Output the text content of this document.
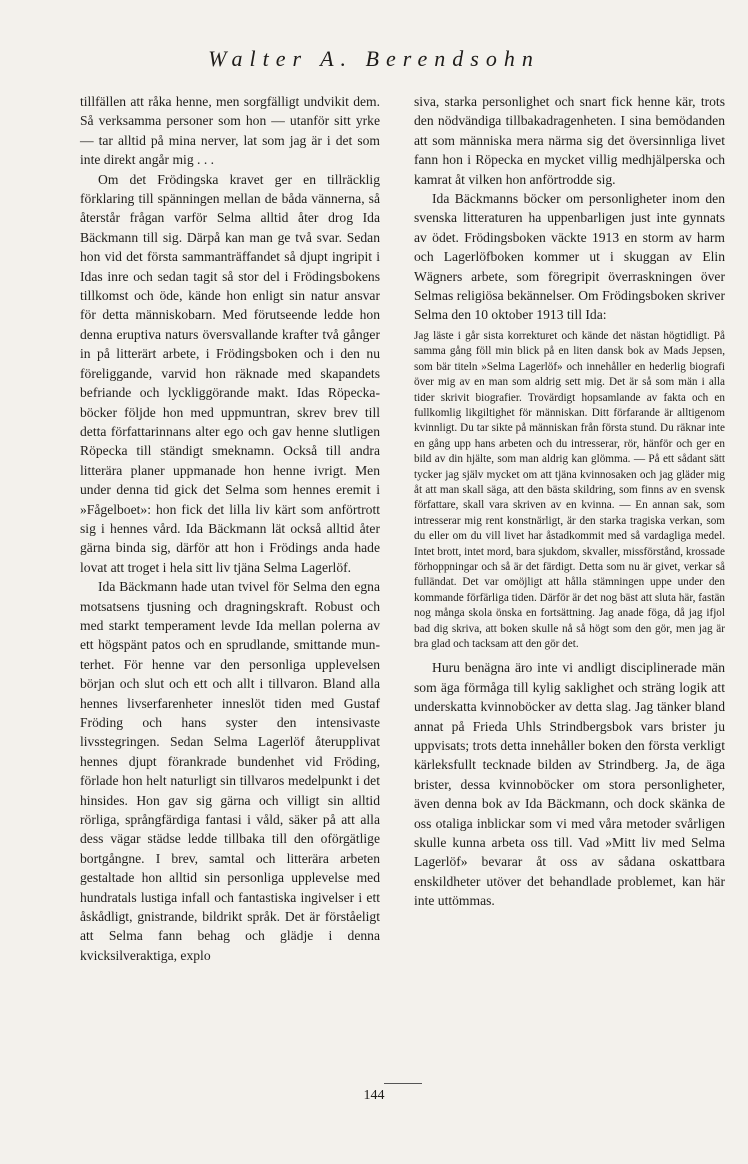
Walter A. Berendsohn

tillfällen att råka henne, men sorgfälligt undvikit dem. Så verksamma personer som hon — utanför sitt yrke — tar alltid på mina nerver, lat som jag är i det som inte direkt angår mig . . .

Om det Frödingska kravet ger en tillräcklig förklaring till spänningen mellan de båda vännerna, så återstår frågan varför Selma alltid åter drog Ida Bäckmann till sig. Därpå kan man ge två svar. Sedan hon vid det första sammanträffandet så djupt ingripit i Idas inre och sedan tagit så stor del i Frödingsbokens tillkomst och öde, kände hon enligt sin natur ansvar för detta människobarn. Med förutseende ledde hon denna eruptiva naturs översvallande krafter två gånger in på litterärt arbete, i Frödingsboken och i den nu föreliggande, varvid hon räknade med skapandets befriande och lyckliggörande makt. Idas Röpecka-böcker följde hon med uppmuntran, skrev brev till detta författarinnans alter ego och gav henne slutligen Röpecka till ständigt smeknamn. Också till andra litterära planer uppmanade hon henne ivrigt. Men under denna tid gick det Selma som hennes eremit i »Fågelboet»: hon fick det lilla liv kärt som anförtrott sig i hennes vård. Ida Bäckmann lät också alltid åter gärna binda sig, därför att hon i Frödings anda hade lovat att troget i hela sitt liv tjäna Selma Lagerlöf.

Ida Bäckmann hade utan tvivel för Selma den egna motsatsens tjusning och dragningskraft. Robust och med starkt temperament levde Ida mellan polerna av ett högspänt patos och en sprudlande, smittande munterhet. För henne var den personliga upplevelsen början och slut och ett och allt i tillvaron. Bland alla hennes livserfarenheter inneslöt tiden med Gustaf Fröding och hans syster den intensivaste livsstegringen. Sedan Selma Lagerlöf återupplivat hennes djupt förankrade bundenhet vid Fröding, förlade hon helt naturligt sin tillvaros medelpunkt i det hinsides. Hon gav sig gärna och villigt sin alltid rörliga, språngfärdiga fantasi i våld, säker på att alla dess vägar städse ledde tillbaka till den oförgätlige bortgångne. I brev, samtal och litterära arbeten gestaltade hon alltid sin personliga upplevelse med hundratals lustiga infall och fantastiska ingivelser i ett åskådligt, gnistrande, bildrikt språk. Det är förståeligt att Selma fann behag och glädje i denna kvicksilveraktiga, explo

siva, starka personlighet och snart fick henne kär, trots den nödvändiga tillbakadragenheten. I sina bemödanden att som människa mera närma sig det översinnliga livet fann hon i Röpecka en mycket villig medhjälperska och kamrat åt vilken hon anförtrodde sig.

Ida Bäckmanns böcker om personligheter inom den svenska litteraturen ha uppenbarligen just inte gynnats av ödet. Frödingsboken väckte 1913 en storm av harm och Lagerlöfboken kommer ut i skuggan av Elin Wägners arbete, som föregripit överraskningen över Selmas religiösa bekännelser. Om Frödingsboken skriver Selma den 10 oktober 1913 till Ida:

Jag läste i går sista korrekturet och kände det nästan högtidligt. På samma gång föll min blick på en liten dansk bok av Mads Jepsen, som bär titeln »Selma Lagerlöf» och innehåller en hederlig biografi över mig av en man som aldrig sett mig. Det är så som män i alla tider skrivit biografier. Trovärdigt hopsamlande av fakta och en fullkomlig likgiltighet för människan. Ditt förfarande är alltigenom kvinnligt. Du tar sikte på människan från första stund. Du räknar inte en gång upp hans arbeten och du intresserar, rör, hänför och ger en bild av din hjälte, som man aldrig kan glömma. — På ett sådant sätt tycker jag själv mycket om att tjäna kvinnosaken och jag gläder mig åt att man skall säga, att den bästa skildring, som finns av en svensk författare, skall vara skriven av en kvinna. — En annan sak, som intresserar mig rent konstnärligt, är den starka tragiska verkan, som du eller om du vill livet har åstadkommit med så vardagliga medel. Intet brott, intet mord, bara sjukdom, skvaller, missförstånd, krossade förhoppningar och så är det färdigt. Detta som nu är givet, verkar så fulländat. Det var omöjligt att hålla stämningen uppe under den kommande förfärliga tiden. Därför är det nog bäst att sluta här, fastän nog många skola önska en fortsättning. Jag anade föga, då jag ifjol bad dig skriva, att boken skulle nå så högt som den gör, men jag är bra glad och tacksam att den gör det.

Huru benägna äro inte vi andligt disciplinerade män som äga förmåga till kylig saklighet och sträng logik att underskatta kvinnoböcker av detta slag. Jag tänker bland annat på Frieda Uhls Strindbergsbok vars brister ju uppvisats; trots detta innehåller boken den första verkligt kärleksfullt tecknade bilden av Strindberg. Ja, de äga brister, dessa kvinnoböcker om stora personligheter, även denna bok av Ida Bäckmann, och dock skänka de oss otaliga inblickar som vi med våra metoder svårligen skulle kunna arbeta oss till. Vad »Mitt liv med Selma Lagerlöf» bevarar åt oss av sådana oskattbara enskildheter utöver det behandlade problemet, kan här inte uttömmas.

144
